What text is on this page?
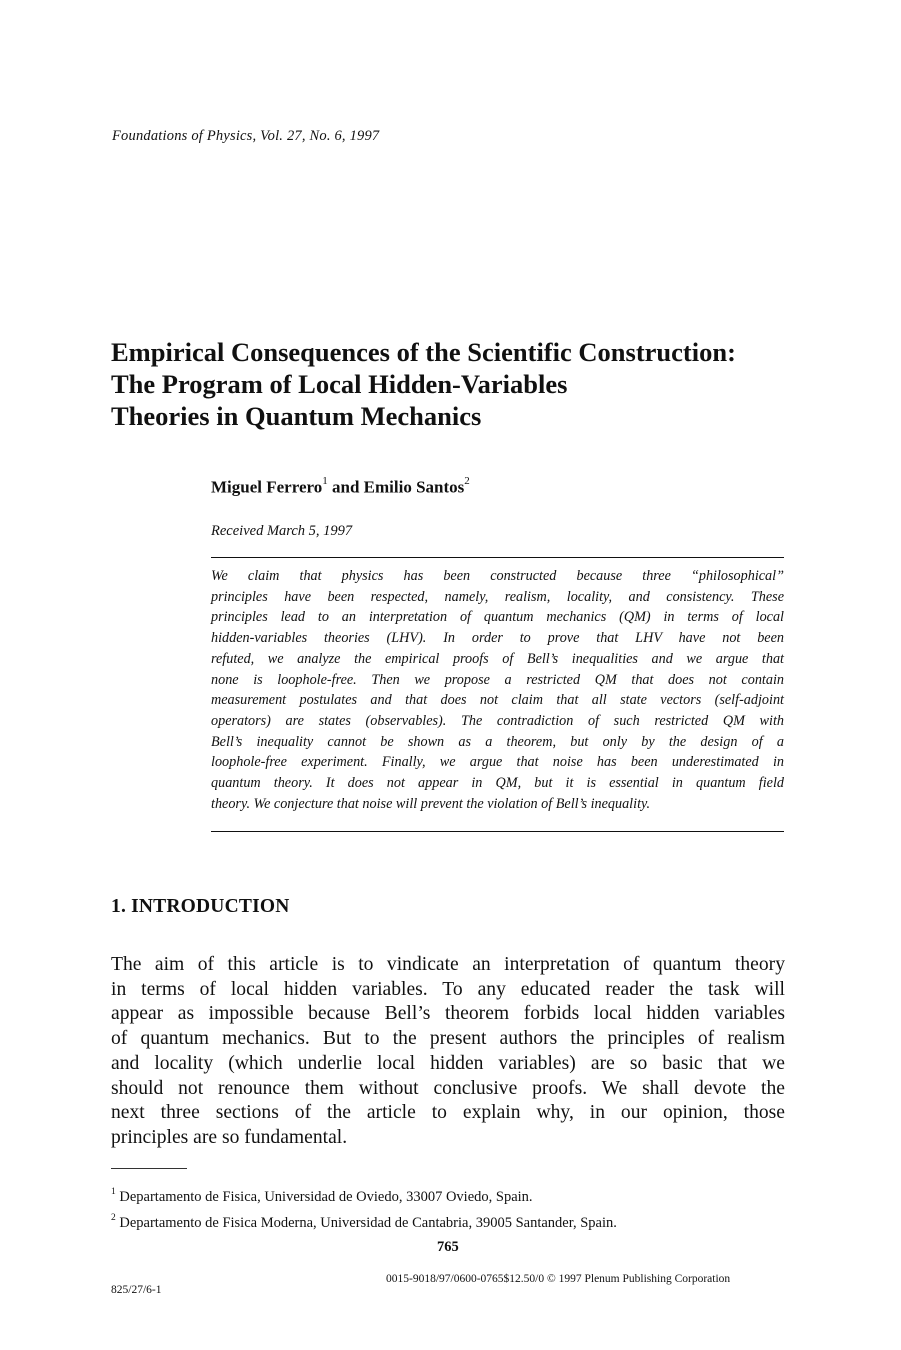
Foundations of Physics, Vol. 27, No. 6, 1997
Empirical Consequences of the Scientific Construction:
The Program of Local Hidden-Variables
Theories in Quantum Mechanics
Miguel Ferrero$^1$ and Emilio Santos$^2$
Received March 5, 1997
We claim that physics has been constructed because three “philosophical”
principles have been respected, namely, realism, locality, and consistency. These
principles lead to an interpretation of quantum mechanics (QM) in terms of local
hidden-variables theories (LHV). In order to prove that LHV have not been
refuted, we analyze the empirical proofs of Bell’s inequalities and we argue that
none is loophole-free. Then we propose a restricted QM that does not contain
measurement postulates and that does not claim that all state vectors (self-adjoint
operators) are states (observables). The contradiction of such restricted QM with
Bell’s inequality cannot be shown as a theorem, but only by the design of a
loophole-free experiment. Finally, we argue that noise has been underestimated in
quantum theory. It does not appear in QM, but it is essential in quantum field
theory. We conjecture that noise will prevent the violation of Bell’s inequality.
1. INTRODUCTION
The aim of this article is to vindicate an interpretation of quantum theory
in terms of local hidden variables. To any educated reader the task will
appear as impossible because Bell’s theorem forbids local hidden variables
of quantum mechanics. But to the present authors the principles of realism
and locality (which underlie local hidden variables) are so basic that we
should not renounce them without conclusive proofs. We shall devote the
next three sections of the article to explain why, in our opinion, those
principles are so fundamental.
$^1$ Departamento de Fisica, Universidad de Oviedo, 33007 Oviedo, Spain.
$^2$ Departamento de Fisica Moderna, Universidad de Cantabria, 39005 Santander, Spain.
765
825/27/6-1
0015-9018/97/0600-0765$12.50/0 © 1997 Plenum Publishing Corporation
